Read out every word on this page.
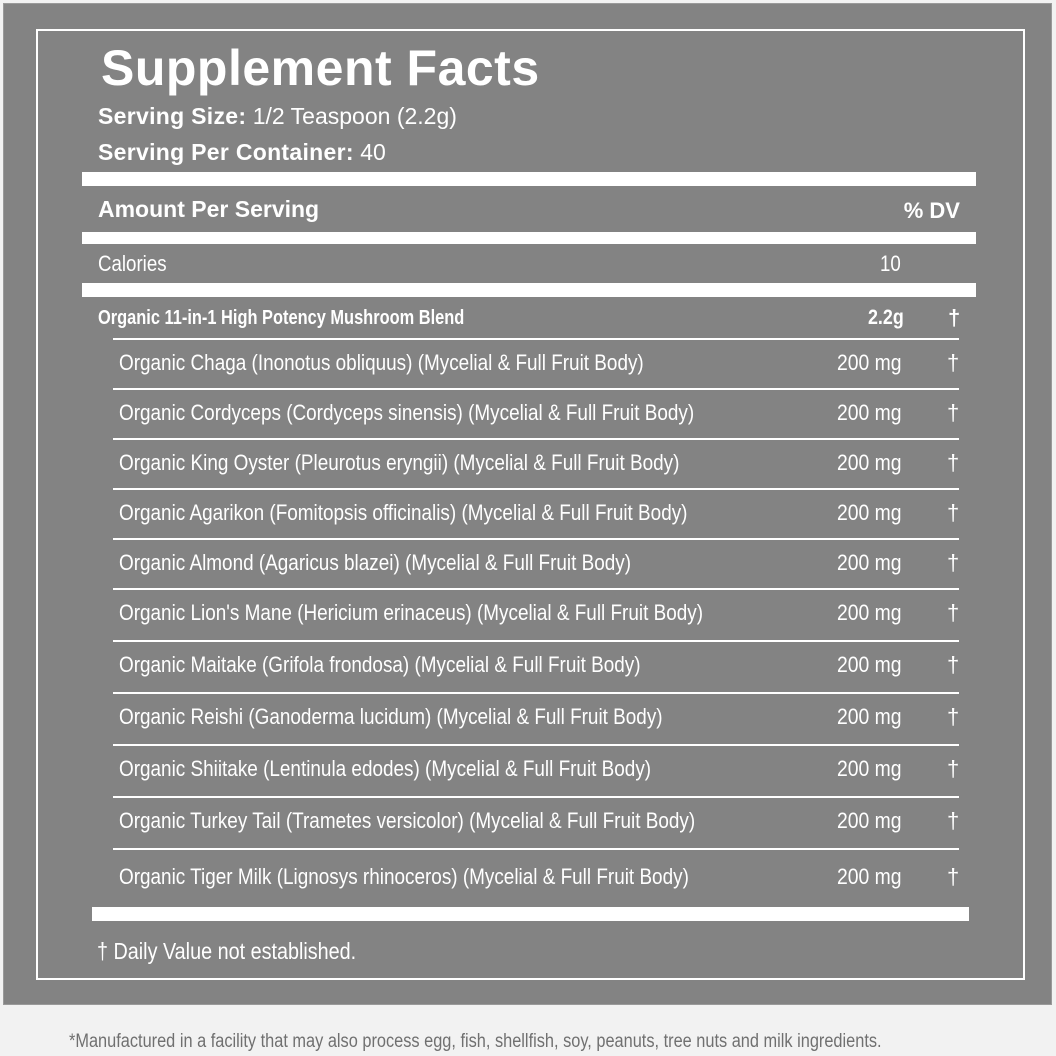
Supplement Facts
Serving Size: 1/2 Teaspoon (2.2g)
Serving Per Container: 40
Amount Per Serving	% DV
Calories	10
Organic 11-in-1 High Potency Mushroom Blend	2.2g †
Organic Chaga (Inonotus obliquus) (Mycelial & Full Fruit Body)	200 mg †
Organic Cordyceps (Cordyceps sinensis) (Mycelial & Full Fruit Body)	200 mg †
Organic King Oyster (Pleurotus eryngii) (Mycelial & Full Fruit Body)	200 mg †
Organic Agarikon (Fomitopsis officinalis) (Mycelial & Full Fruit Body)	200 mg †
Organic Almond (Agaricus blazei) (Mycelial & Full Fruit Body)	200 mg †
Organic Lion's Mane (Hericium erinaceus) (Mycelial & Full Fruit Body)	200 mg †
Organic Maitake (Grifola frondosa) (Mycelial & Full Fruit Body)	200 mg †
Organic Reishi (Ganoderma lucidum) (Mycelial & Full Fruit Body)	200 mg †
Organic Shiitake (Lentinula edodes) (Mycelial & Full Fruit Body)	200 mg †
Organic Turkey Tail (Trametes versicolor) (Mycelial & Full Fruit Body)	200 mg †
Organic Tiger Milk (Lignosys rhinoceros) (Mycelial & Full Fruit Body)	200 mg †
† Daily Value not established.
*Manufactured in a facility that may also process egg, fish, shellfish, soy, peanuts, tree nuts and milk ingredients.
